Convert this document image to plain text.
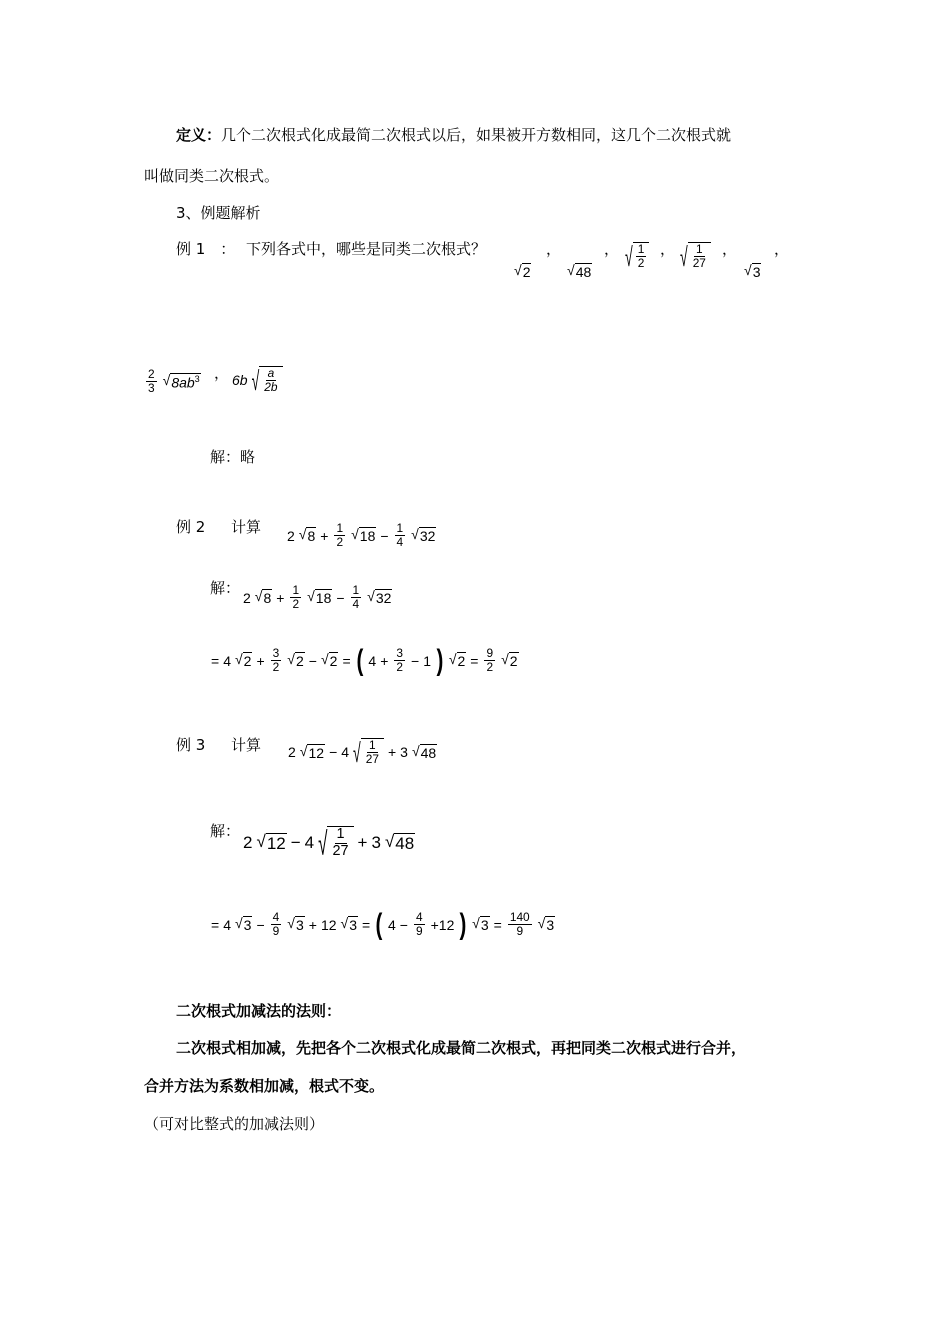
定义：几个二次根式化成最简二次根式以后，如果被开方数相同，这几个二次根式就
叫做同类二次根式。
3、例题解析
例 1　： 下列各式中，哪些是同类二次根式？	，	，	，	， ，
√ 2	√ 48 √ $\frac{1}{2}$ √ $\frac{1}{27}$	√ 3
$\frac{2}{3}$ √ $8ab^3$ ， 6b √ $\frac{a}{2b}$
解：略
例 2 计算 2 √ $8 + \frac{1}{2}$ √ $18 - \frac{1}{4}$ √ 32
解：
2 √ $8 + \frac{1}{2}$ √ $18 - \frac{1}{4}$ √ 32
= 4 √ $2 + \frac{3}{2}$ √ 2 − √ 2 = ( $4 + \frac{3}{2} - 1$ ) √ $2 = \frac{9}{2}$ √ 2
例 3 计算 2 √ 12 − 4 √ $\frac{1}{27} + 3$ √ 48
解：
2 √ 12 − 4 √ $\frac{1}{27} + 3$ √ 48
= 4 √ $3 - \frac{4}{9}$ √ 3 + 12 √ 3 = ( $4 - \frac{4}{9} +12$ ) √ $3 = \frac{140}{9}$ √ 3
二次根式加减法的法则：
二次根式相加减，先把各个二次根式化成最简二次根式，再把同类二次根式进行合并，
合并方法为系数相加减，根式不变。
（可对比整式的加减法则）
